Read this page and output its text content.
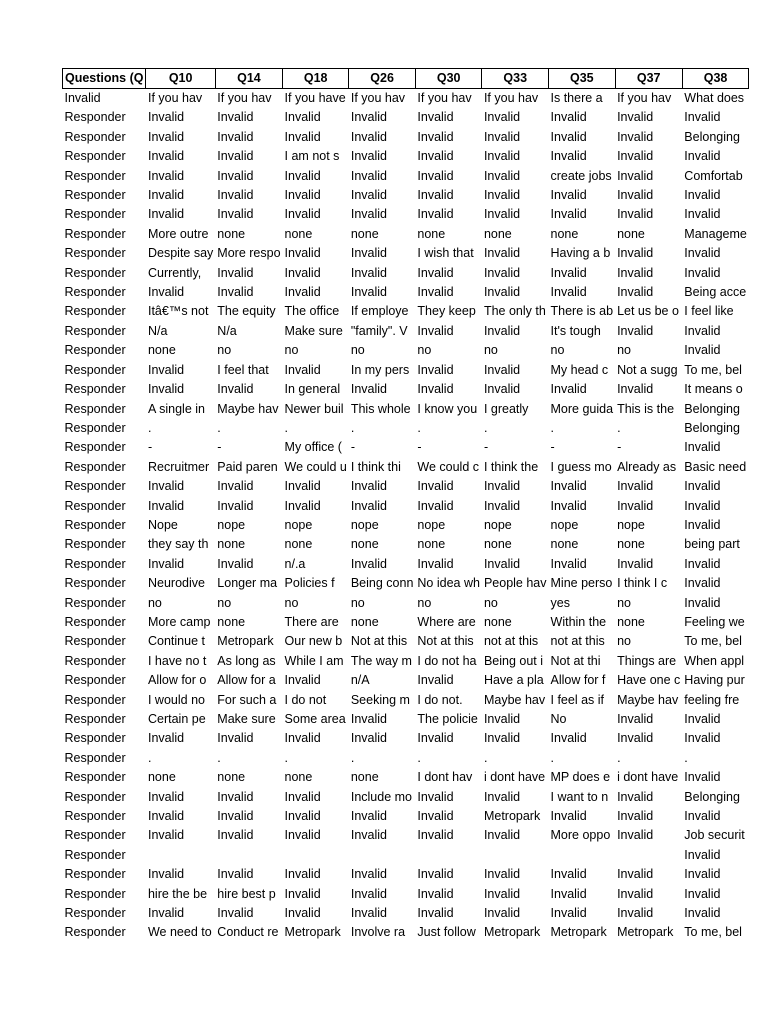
Questions (Q	Q10	Q14	Q18	Q26	Q30	Q33	Q35	Q37	Q38
Invalid	If you hav	If you hav	If you have	If you hav	If you hav	If you hav	Is there a	If you hav	What does
Responder	Invalid	Invalid	Invalid	Invalid	Invalid	Invalid	Invalid	Invalid	Invalid
Responder	Invalid	Invalid	Invalid	Invalid	Invalid	Invalid	Invalid	Invalid	Belonging
Responder	Invalid	Invalid	I am not s	Invalid	Invalid	Invalid	Invalid	Invalid	Invalid
Responder	Invalid	Invalid	Invalid	Invalid	Invalid	Invalid	create jobs	Invalid	Comfortab
Responder	Invalid	Invalid	Invalid	Invalid	Invalid	Invalid	Invalid	Invalid	Invalid
Responder	Invalid	Invalid	Invalid	Invalid	Invalid	Invalid	Invalid	Invalid	Invalid
Responder	More outre	none	none	none	none	none	none	none	Manageme
Responder	Despite say	More respo	Invalid	Invalid	I wish that	Invalid	Having a b	Invalid	Invalid
Responder	Currently,	Invalid	Invalid	Invalid	Invalid	Invalid	Invalid	Invalid	Invalid
Responder	Invalid	Invalid	Invalid	Invalid	Invalid	Invalid	Invalid	Invalid	Being acce
Responder	Itâ€™s not	The equity	The office	If employe	They keep	The only th	There is ab	Let us be o	I feel like
Responder	N/a	N/a	Make sure	"family". V	Invalid	Invalid	It's tough	Invalid	Invalid
Responder	none	no	no	no	no	no	no	no	Invalid
Responder	Invalid	I feel that	Invalid	In my pers	Invalid	Invalid	My head c	Not a sugg	To me, bel
Responder	Invalid	Invalid	In general	Invalid	Invalid	Invalid	Invalid	Invalid	It means o
Responder	A single in	Maybe hav	Newer buil	This whole	I know you	I greatly	More guida	This is the	Belonging
Responder	.	.	.	.	.	.	.	.	Belonging
Responder	-	-	My office (	-	-	-	-	-	Invalid
Responder	Recruitmer	Paid paren	We could u	I think thi	We could c	I think the	I guess mo	Already as	Basic need
Responder	Invalid	Invalid	Invalid	Invalid	Invalid	Invalid	Invalid	Invalid	Invalid
Responder	Invalid	Invalid	Invalid	Invalid	Invalid	Invalid	Invalid	Invalid	Invalid
Responder	Nope	nope	nope	nope	nope	nope	nope	nope	Invalid
Responder	they say th	none	none	none	none	none	none	none	being part
Responder	Invalid	Invalid	n/.a	Invalid	Invalid	Invalid	Invalid	Invalid	Invalid
Responder	Neurodive	Longer ma	Policies f	Being conn	No idea wh	People hav	Mine perso	I think I c	Invalid
Responder	no	no	no	no	no	no	yes	no	Invalid
Responder	More camp	none	There are	none	Where are	none	Within the	none	Feeling we
Responder	Continue t	Metropark	Our new b	Not at this	Not at this	not at this	not at this	no	To me, bel
Responder	I have no t	As long as	While I am	The way m	I do not ha	Being out i	Not at thi	Things are	When appl
Responder	Allow for o	Allow for a	Invalid	n/A	Invalid	Have a pla	Allow for f	Have one c	Having pur
Responder	I would no	For such a	I do not	Seeking m	I do not.	Maybe hav	I feel as if	Maybe hav	feeling fre
Responder	Certain pe	Make sure	Some area	Invalid	The policie	Invalid	No	Invalid	Invalid
Responder	Invalid	Invalid	Invalid	Invalid	Invalid	Invalid	Invalid	Invalid	Invalid
Responder	.	.	.	.	.	.	.	.	.
Responder	none	none	none	none	I dont hav	i dont have	MP does e	i dont have	Invalid
Responder	Invalid	Invalid	Invalid	Include mo	Invalid	Invalid	I want to n	Invalid	Belonging
Responder	Invalid	Invalid	Invalid	Invalid	Invalid	Metropark	Invalid	Invalid	Invalid
Responder	Invalid	Invalid	Invalid	Invalid	Invalid	Invalid	More oppo	Invalid	Job securit
Responder									Invalid
Responder	Invalid	Invalid	Invalid	Invalid	Invalid	Invalid	Invalid	Invalid	Invalid
Responder	hire the be	hire best p	Invalid	Invalid	Invalid	Invalid	Invalid	Invalid	Invalid
Responder	Invalid	Invalid	Invalid	Invalid	Invalid	Invalid	Invalid	Invalid	Invalid
Responder	We need to	Conduct re	Metropark	Involve ra	Just follow	Metropark	Metropark	Metropark	To me, bel
